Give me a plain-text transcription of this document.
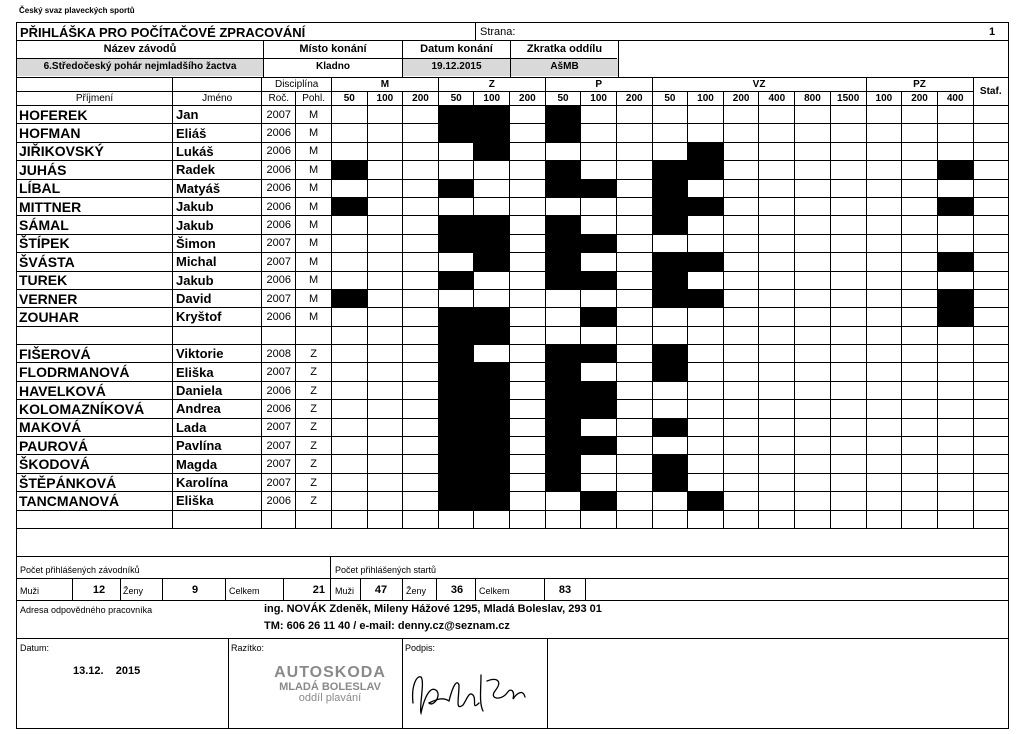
Český svaz plaveckých sportů
PŘIHLÁŠKA PRO POČÍTAČOVÉ ZPRACOVÁNÍ	Strana:	1
Název závodů	Místo konání	Datum konání	Zkratka oddílu
6.Středočeský pohár nejmladšího žactva	Kladno	19.12.2015	AšMB
		Disciplína		M			Z			P			VZ						PZ			Staf.
Příjmení	Jméno	Roč.	Pohl.	50	100	200	50	100	200	50	100	200	50	100	200	400	800	1500	100	200	400	
HOFEREK	Jan	2007	M																			
HOFMAN	Eliáš	2006	M																			
JIŘIKOVSKÝ	Lukáš	2006	M																			
JUHÁS	Radek	2006	M																			
LÍBAL	Matyáš	2006	M																			
MITTNER	Jakub	2006	M																			
SÁMAL	Jakub	2006	M																			
ŠTÍPEK	Šimon	2007	M																			
ŠVÁSTA	Michal	2007	M																			
TUREK	Jakub	2006	M																			
VERNER	David	2007	M																			
ZOUHAR	Kryštof	2006	M																			

FIŠEROVÁ	Viktorie	2008	Z																			
FLODRMANOVÁ	Eliška	2007	Z																			
HAVELKOVÁ	Daniela	2006	Z																			
KOLOMAZNÍKOVÁ	Andrea	2006	Z																			
MAKOVÁ	Lada	2007	Z																			
PAUROVÁ	Pavlína	2007	Z																			
ŠKODOVÁ	Magda	2007	Z																			
ŠTĚPÁNKOVÁ	Karolína	2007	Z																			
TANCMANOVÁ	Eliška	2006	Z																			

Počet přihlášených závodníků	Počet přihlášených startů
Muži	12	Ženy	9	Celkem	21 Muži	47	Ženy	36	Celkem	83
Adresa odpovědného pracovníka	ing. NOVÁK Zdeněk, Mileny Hážové 1295, Mladá Boleslav, 293 01
TM: 606 26 11 40 / e-mail: denny.cz@seznam.cz
Datum:
13.12.    2015
Razítko:	Podpis:
AUTOSKODA
MLADÁ BOLESLAV
oddíl plavání
